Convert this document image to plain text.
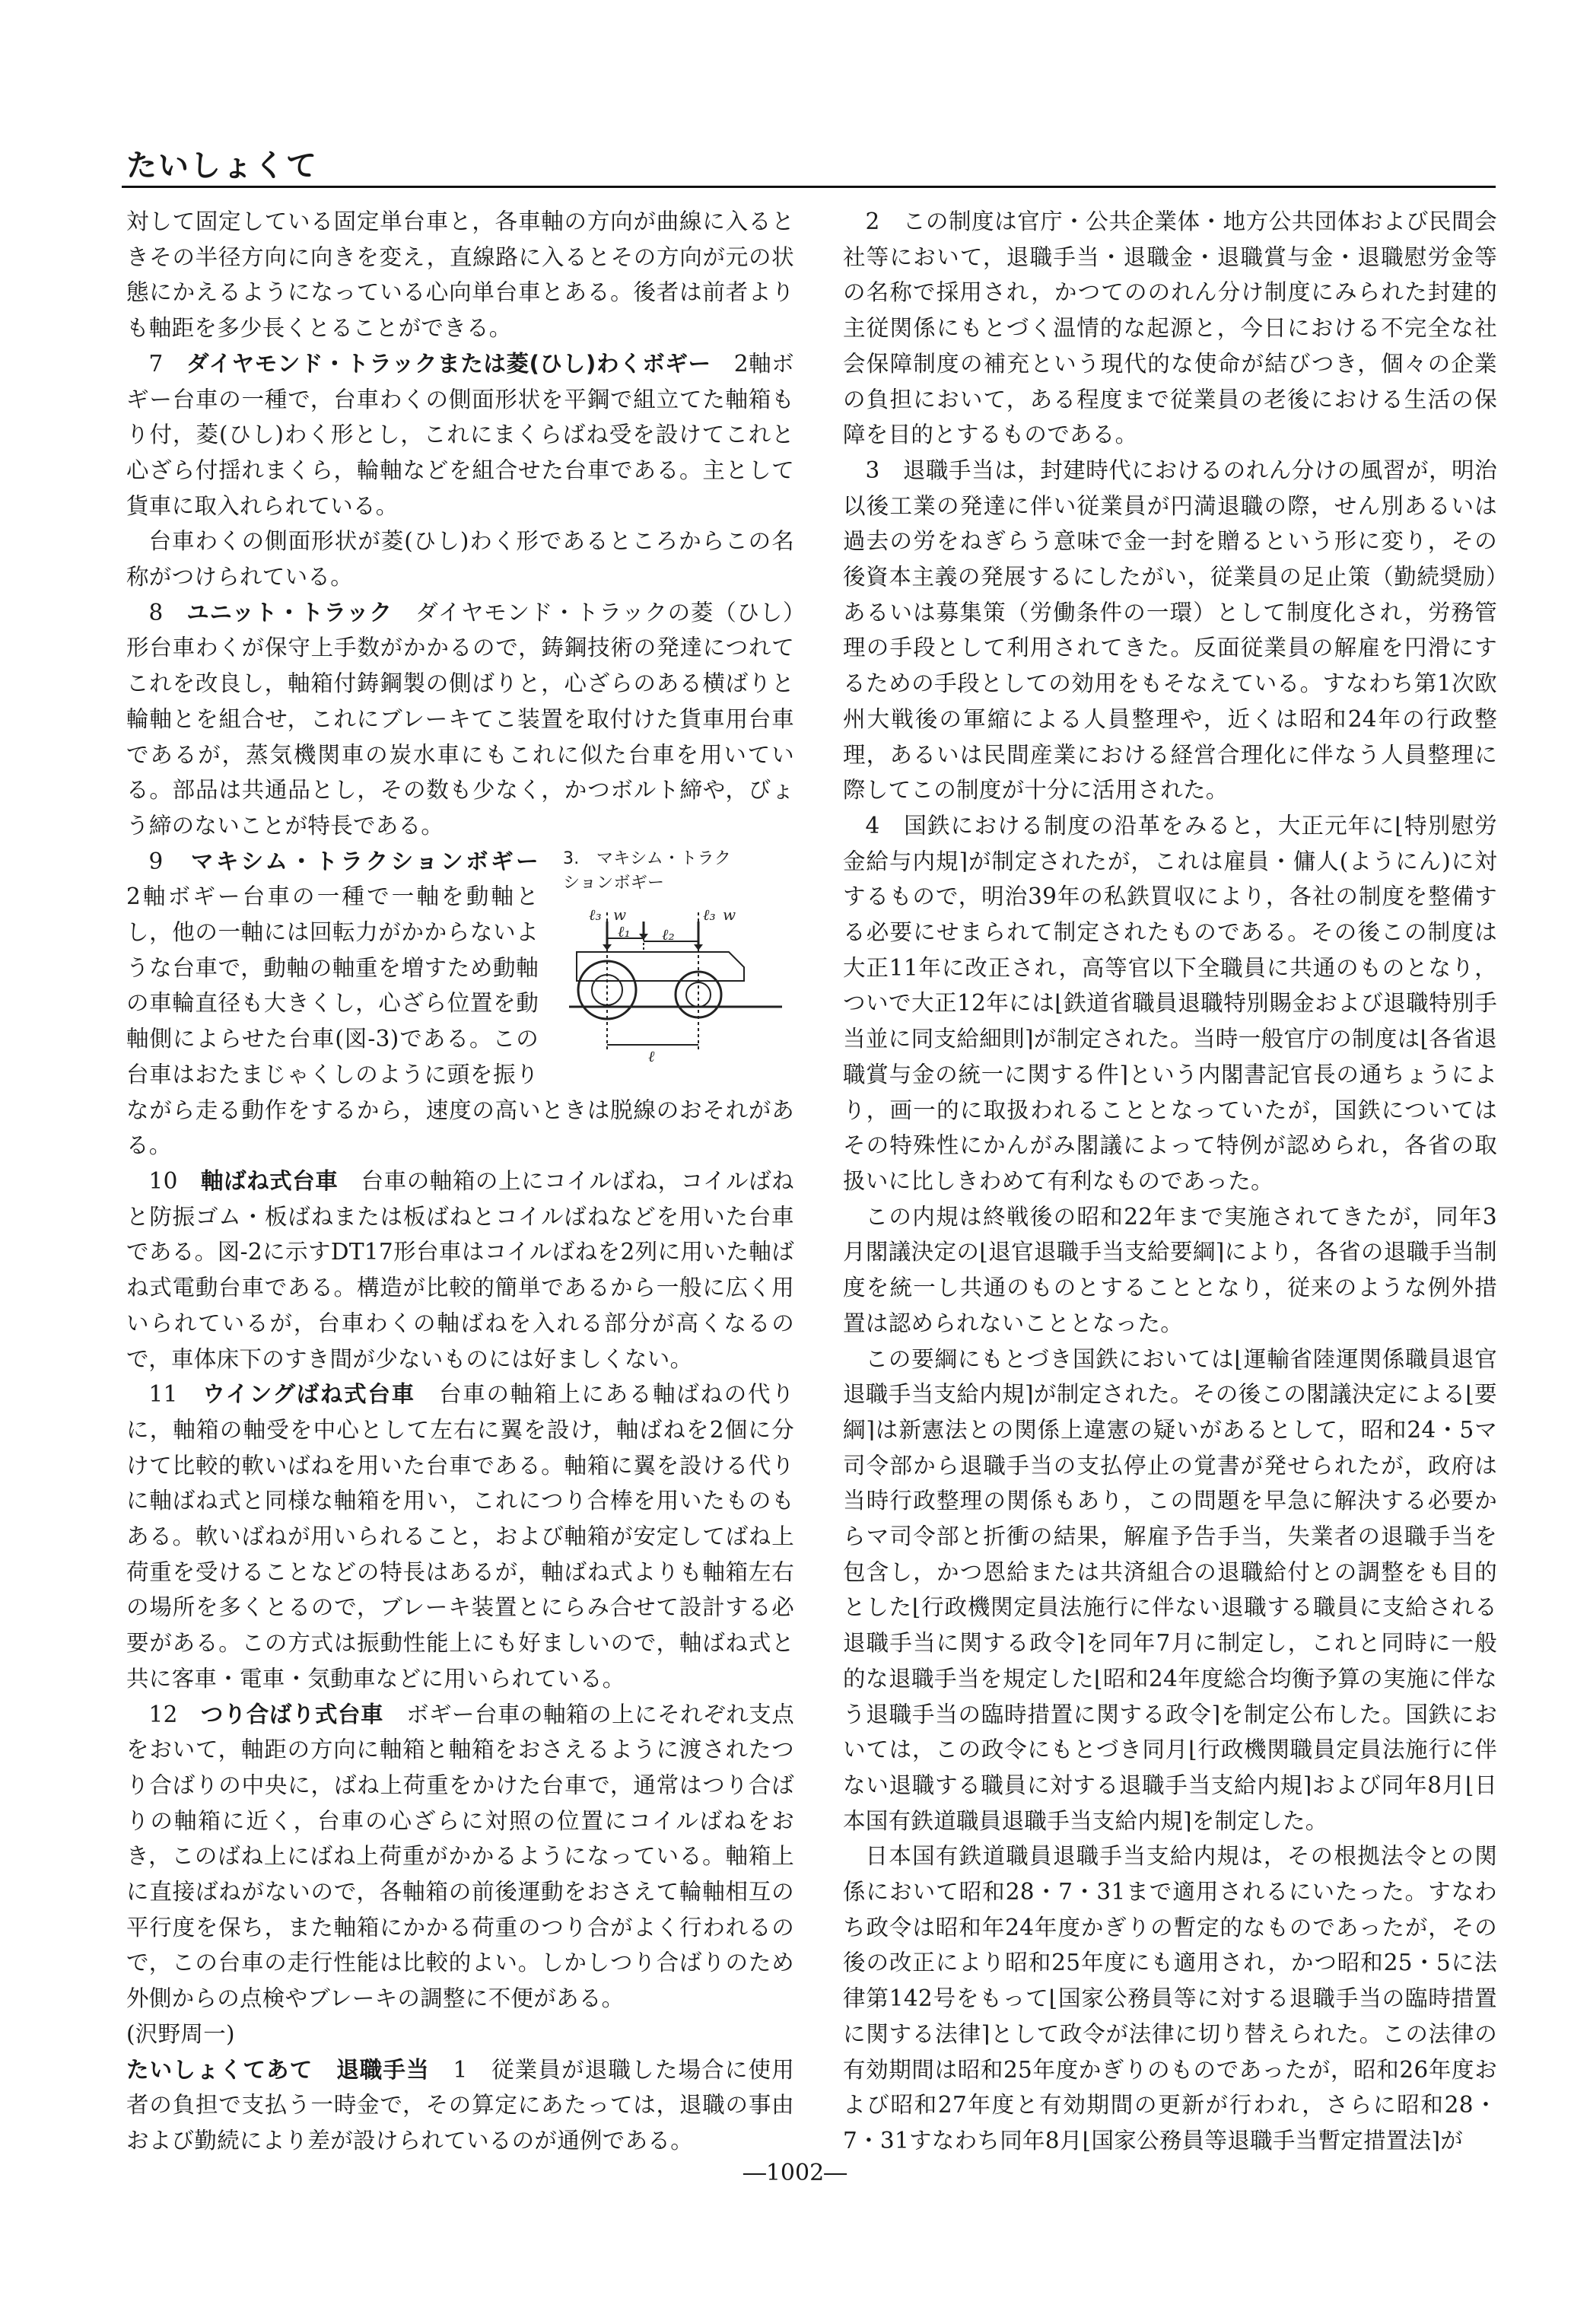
たいしょくて

対して固定している固定単台車と，各車軸の方向が曲線に入るときその半径方向に向きを変え，直線路に入るとその方向が元の状態にかえるようになっている心向単台車とある。後者は前者よりも軸距を多少長くとることができる。

7　 ダイヤモンド・トラックまたは菱(ひし)わくボギー　 2軸ボギー台車の一種で，台車わくの側面形状を平鋼で組立てた軸箱もり付，菱(ひし)わく形とし，これにまくらばね受を設けてこれと心ざら付揺れまくら，輪軸などを組合せた台車である。主として貨車に取入れられている。

台車わくの側面形状が菱(ひし)わく形であるところからこの名称がつけられている。

8　 ユニット・トラック　 ダイヤモンド・トラックの菱（ひし）形台車わくが保守上手数がかかるので，鋳鋼技術の発達につれてこれを改良し，軸箱付鋳鋼製の側ばりと，心ざらのある横ばりと輪軸とを組合せ，これにブレーキてこ装置を取付けた貨車用台車であるが，蒸気機関車の炭水車にもこれに似た台車を用いている。部品は共通品とし，その数も少なく，かつボルト締や，びょう締のないことが特長である。

3.　マキシム・トラク
ションボギー
ℓ₃ w
ℓ₁ ℓ₂
ℓ₃ w
ℓ
9　 マキシム・トラクションボギー　2軸ボギー台車の一種で一軸を動軸とし，他の一軸には回転力がかからないような台車で，動軸の軸重を増すため動軸の車輪直径も大きくし，心ざら位置を動軸側によらせた台車(図-3)である。この台車はおたまじゃくしのように頭を振りながら走る動作をするから，速度の高いときは脱線のおそれがある。

10　 軸ばね式台車　 台車の軸箱の上にコイルばね，コイルばねと防振ゴム・板ばねまたは板ばねとコイルばねなどを用いた台車である。図-2に示すDT17形台車はコイルばねを2列に用いた軸ばね式電動台車である。構造が比較的簡単であるから一般に広く用いられているが，台車わくの軸ばねを入れる部分が高くなるので，車体床下のすき間が少ないものには好ましくない。

11　 ウイングばね式台車　 台車の軸箱上にある軸ばねの代りに，軸箱の軸受を中心として左右に翼を設け，軸ばねを2個に分けて比較的軟いばねを用いた台車である。軸箱に翼を設ける代りに軸ばね式と同様な軸箱を用い，これにつり合棒を用いたものもある。軟いばねが用いられること，および軸箱が安定してばね上荷重を受けることなどの特長はあるが，軸ばね式よりも軸箱左右の場所を多くとるので，ブレーキ装置とにらみ合せて設計する必要がある。この方式は振動性能上にも好ましいので，軸ばね式と共に客車・電車・気動車などに用いられている。

12　 つり合ばり式台車　 ボギー台車の軸箱の上にそれぞれ支点をおいて，軸距の方向に軸箱と軸箱をおさえるように渡されたつり合ばりの中央に，ばね上荷重をかけた台車で，通常はつり合ばりの軸箱に近く，台車の心ざらに対照の位置にコイルばねをおき，このばね上にばね上荷重がかかるようになっている。軸箱上に直接ばねがないので，各軸箱の前後運動をおさえて輪軸相互の平行度を保ち，また軸箱にかかる荷重のつり合がよく行われるので，この台車の走行性能は比較的よい。しかしつり合ばりのため外側からの点検やブレーキの調整に不便がある。

(沢野周一)

たいしょくてあて　退職手当　 1　従業員が退職した場合に使用者の負担で支払う一時金で，その算定にあたっては，退職の事由および勤続により差が設けられているのが通例である。

2　この制度は官庁・公共企業体・地方公共団体および民間会社等において，退職手当・退職金・退職賞与金・退職慰労金等の名称で採用され，かつてののれん分け制度にみられた封建的主従関係にもとづく温情的な起源と，今日における不完全な社会保障制度の補充という現代的な使命が結びつき，個々の企業の負担において，ある程度まで従業員の老後における生活の保障を目的とするものである。

3　退職手当は，封建時代におけるのれん分けの風習が，明治以後工業の発達に伴い従業員が円満退職の際，せん別あるいは過去の労をねぎらう意味で金一封を贈るという形に変り，その後資本主義の発展するにしたがい，従業員の足止策（勤続奨励）あるいは募集策（労働条件の一環）として制度化され，労務管理の手段として利用されてきた。反面従業員の解雇を円滑にするための手段としての効用をもそなえている。すなわち第1次欧州大戦後の軍縮による人員整理や，近くは昭和24年の行政整理，あるいは民間産業における経営合理化に伴なう人員整理に際してこの制度が十分に活用された。

4　国鉄における制度の沿革をみると，大正元年に⌊特別慰労金給与内規⌉が制定されたが，これは雇員・傭人(ようにん)に対するもので，明治39年の私鉄買収により，各社の制度を整備する必要にせまられて制定されたものである。その後この制度は大正11年に改正され，高等官以下全職員に共通のものとなり，ついで大正12年には⌊鉄道省職員退職特別賜金および退職特別手当並に同支給細則⌉が制定された。当時一般官庁の制度は⌊各省退職賞与金の統一に関する件⌉という内閣書記官長の通ちょうにより，画一的に取扱われることとなっていたが，国鉄についてはその特殊性にかんがみ閣議によって特例が認められ，各省の取扱いに比しきわめて有利なものであった。

この内規は終戦後の昭和22年まで実施されてきたが，同年3月閣議決定の⌊退官退職手当支給要綱⌉により，各省の退職手当制度を統一し共通のものとすることとなり，従来のような例外措置は認められないこととなった。

この要綱にもとづき国鉄においては⌊運輸省陸運関係職員退官退職手当支給内規⌉が制定された。その後この閣議決定による⌊要綱⌉は新憲法との関係上違憲の疑いがあるとして，昭和24・5マ司令部から退職手当の支払停止の覚書が発せられたが，政府は当時行政整理の関係もあり，この問題を早急に解決する必要からマ司令部と折衝の結果，解雇予告手当，失業者の退職手当を包含し，かつ恩給または共済組合の退職給付との調整をも目的とした⌊行政機関定員法施行に伴ない退職する職員に支給される退職手当に関する政令⌉を同年7月に制定し，これと同時に一般的な退職手当を規定した⌊昭和24年度総合均衡予算の実施に伴なう退職手当の臨時措置に関する政令⌉を制定公布した。国鉄においては，この政令にもとづき同月⌊行政機関職員定員法施行に伴ない退職する職員に対する退職手当支給内規⌉および同年8月⌊日本国有鉄道職員退職手当支給内規⌉を制定した。

日本国有鉄道職員退職手当支給内規は，その根拠法令との関係において昭和28・7・31まで適用されるにいたった。すなわち政令は昭和年24年度かぎりの暫定的なものであったが，その後の改正により昭和25年度にも適用され，かつ昭和25・5に法律第142号をもって⌊国家公務員等に対する退職手当の臨時措置に関する法律⌉として政令が法律に切り替えられた。この法律の有効期間は昭和25年度かぎりのものであったが，昭和26年度および昭和27年度と有効期間の更新が行われ，さらに昭和28・7・31すなわち同年8月⌊国家公務員等退職手当暫定措置法⌉が

―1002―
